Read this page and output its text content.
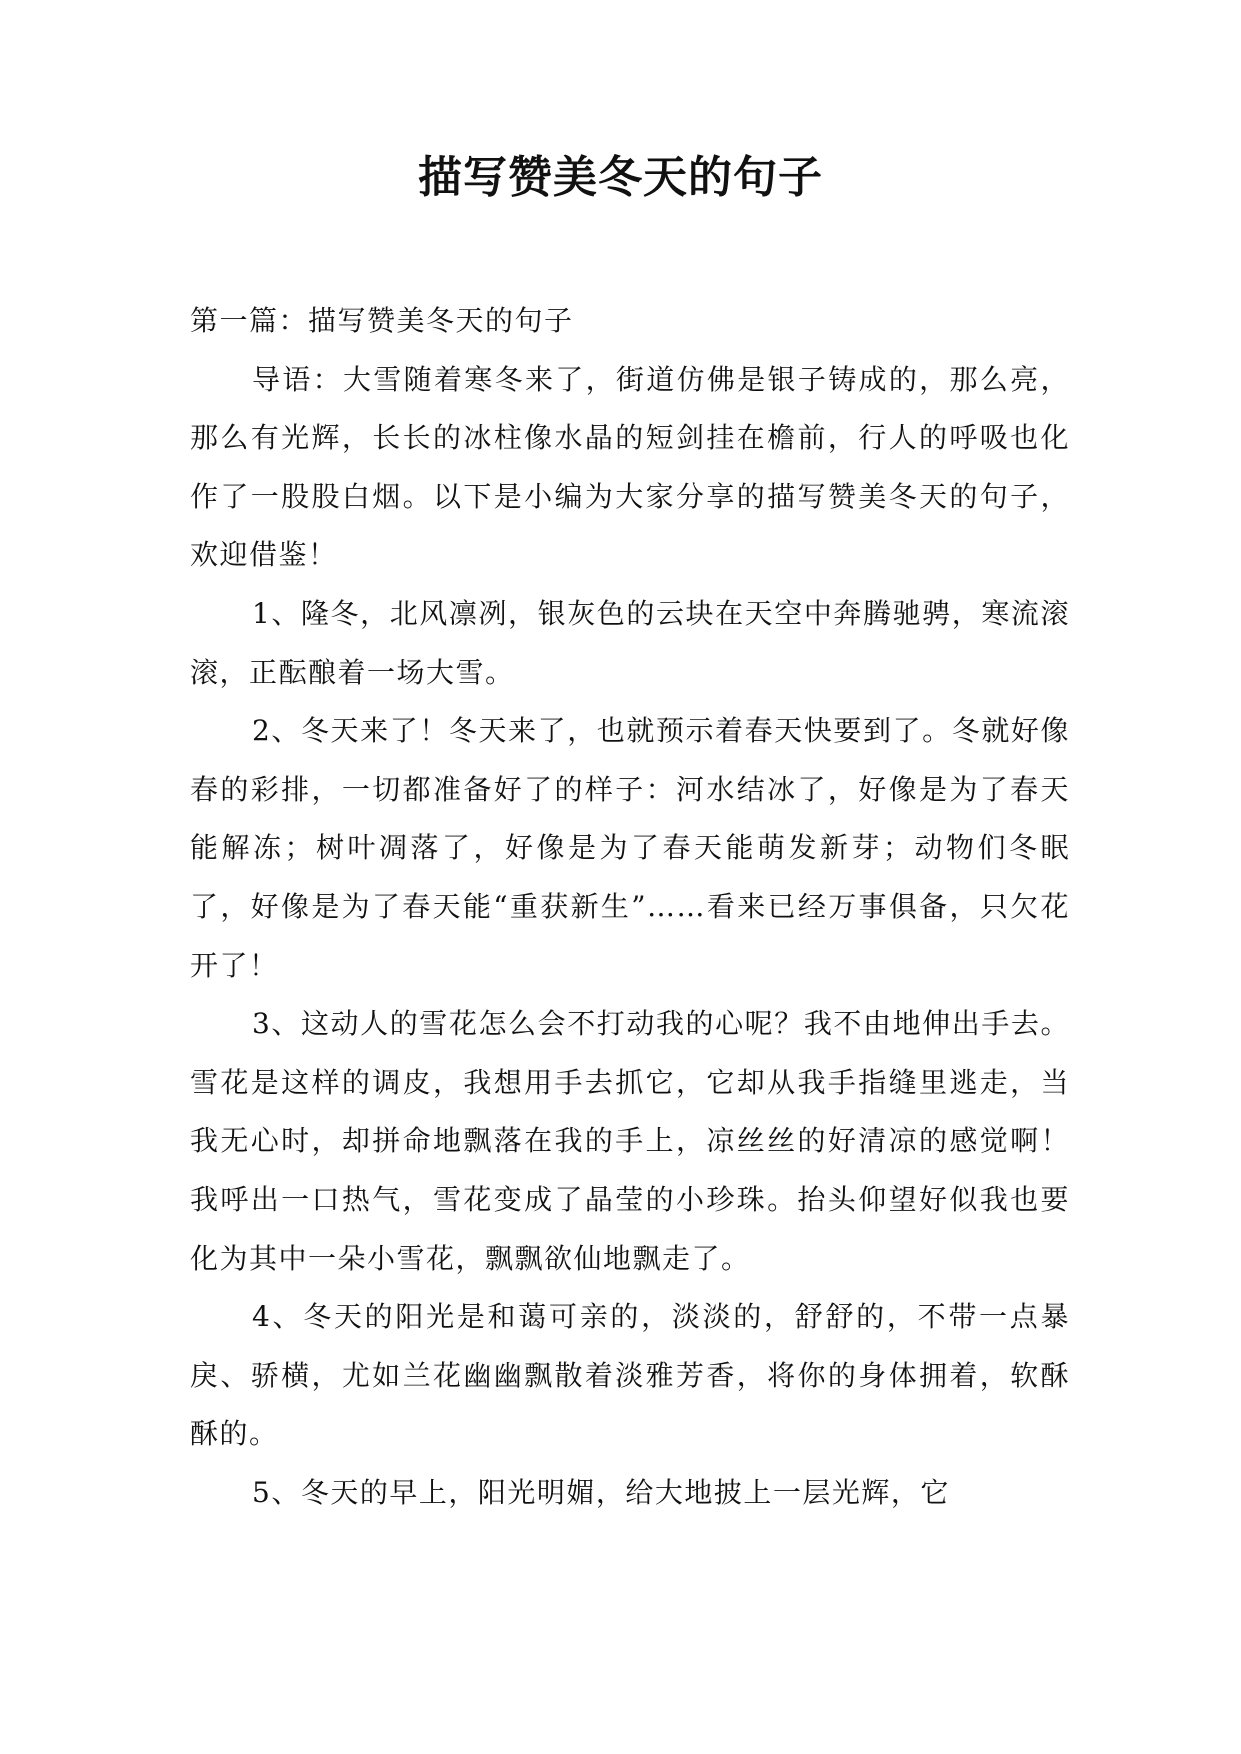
描写赞美冬天的句子

第一篇：描写赞美冬天的句子

导语：大雪随着寒冬来了，街道仿佛是银子铸成的，那么亮，那么有光辉，长长的冰柱像水晶的短剑挂在檐前，行人的呼吸也化作了一股股白烟。以下是小编为大家分享的描写赞美冬天的句子，欢迎借鉴！

1、隆冬，北风凛冽，银灰色的云块在天空中奔腾驰骋，寒流滚滚，正酝酿着一场大雪。

2、冬天来了！冬天来了，也就预示着春天快要到了。冬就好像春的彩排，一切都准备好了的样子：河水结冰了，好像是为了春天能解冻；树叶凋落了，好像是为了春天能萌发新芽；动物们冬眠了，好像是为了春天能“重获新生”……看来已经万事俱备，只欠花开了！

3、这动人的雪花怎么会不打动我的心呢？我不由地伸出手去。雪花是这样的调皮，我想用手去抓它，它却从我手指缝里逃走，当我无心时，却拼命地飘落在我的手上，凉丝丝的好清凉的感觉啊！我呼出一口热气，雪花变成了晶莹的小珍珠。抬头仰望好似我也要化为其中一朵小雪花，飘飘欲仙地飘走了。

4、冬天的阳光是和蔼可亲的，淡淡的，舒舒的，不带一点暴戾、骄横，尤如兰花幽幽飘散着淡雅芳香，将你的身体拥着，软酥酥的。

5、冬天的早上，阳光明媚，给大地披上一层光辉，它
